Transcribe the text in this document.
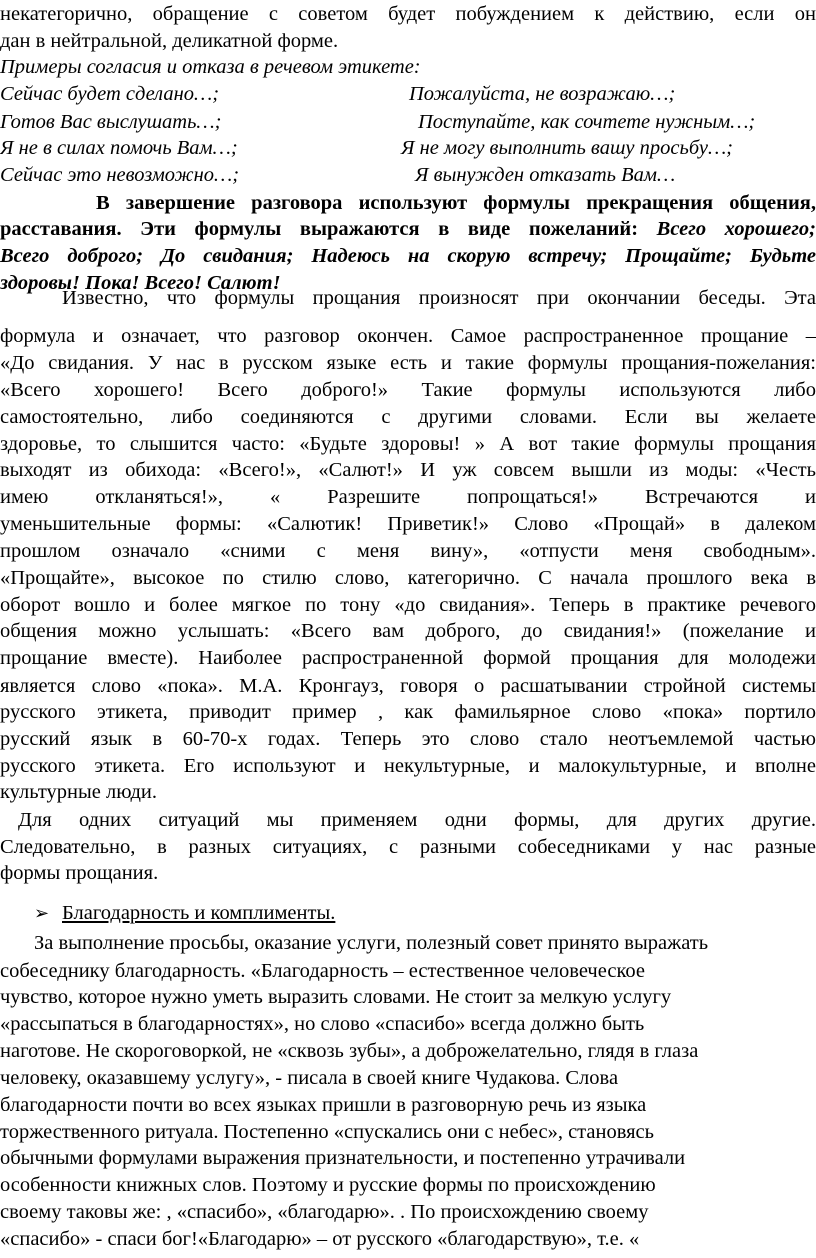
некатегорично, обращение с советом будет побуждением к действию, если он
дан в нейтральной, деликатной форме.
Примеры согласия и отказа в речевом этикете:
Сейчас будет сделано…;	Пожалуйста, не возражаю…;
Готов Вас выслушать…;	Поступайте, как сочтете нужным…;
Я не в силах помочь Вам…;	Я не могу выполнить вашу просьбу…;
Сейчас это невозможно…;	Я вынужден отказать Вам…
В завершение разговора используют формулы прекращения общения,
расставания. Эти формулы выражаются в виде пожеланий: Всего хорошего;
Всего доброго; До свидания; Надеюсь на скорую встречу; Прощайте; Будьте
здоровы! Пока! Всего! Салют!
Известно, что формулы прощания произносят при окончании беседы. Эта
формула и означает, что разговор окончен. Самое распространенное прощание –
«До свидания. У нас в русском языке есть и такие формулы прощания-пожелания:
«Всего хорошего! Всего доброго!» Такие формулы используются либо
самостоятельно, либо соединяются с другими словами. Если вы желаете
здоровье, то слышится часто: «Будьте здоровы! » А вот такие формулы прощания
выходят из обихода: «Всего!», «Салют!» И уж совсем вышли из моды: «Честь
имею откланяться!», « Разрешите попрощаться!» Встречаются и
уменьшительные формы: «Салютик! Приветик!» Слово «Прощай» в далеком
прошлом означало «сними с меня вину», «отпусти меня свободным».
«Прощайте», высокое по стилю слово, категорично. С начала прошлого века в
оборот вошло и более мягкое по тону «до свидания». Теперь в практике речевого
общения можно услышать: «Всего вам доброго, до свидания!» (пожелание и
прощание вместе). Наиболее распространенной формой прощания для молодежи
является слово «пока». М.А. Кронгауз, говоря о расшатывании стройной системы
русского этикета, приводит пример , как фамильярное слово «пока» портило
русский язык в 60-70-х годах. Теперь это слово стало неотъемлемой частью
русского этикета. Его используют и некультурные, и малокультурные, и вполне
культурные люди.
Для одних ситуаций мы применяем одни формы, для других другие.
Следовательно, в разных ситуациях, с разными собеседниками у нас разные
формы прощания.
➢ Благодарность и комплименты.
За выполнение просьбы, оказание услуги, полезный совет принято выражать
собеседнику благодарность. «Благодарность – естественное человеческое
чувство, которое нужно уметь выразить словами. Не стоит за мелкую услугу
«рассыпаться в благодарностях», но слово «спасибо» всегда должно быть
наготове. Не скороговоркой, не «сквозь зубы», а доброжелательно, глядя в глаза
человеку, оказавшему услугу», - писала в своей книге Чудакова. Слова
благодарности почти во всех языках пришли в разговорную речь из языка
торжественного ритуала. Постепенно «спускались они с небес», становясь
обычными формулами выражения признательности, и постепенно утрачивали
особенности книжных слов. Поэтому и русские формы по происхождению
своему таковы же: , «спасибо», «благодарю». . По происхождению своему
«спасибо» - спаси бог!«Благодарю» – от русского «благодарствую», т.е. «
